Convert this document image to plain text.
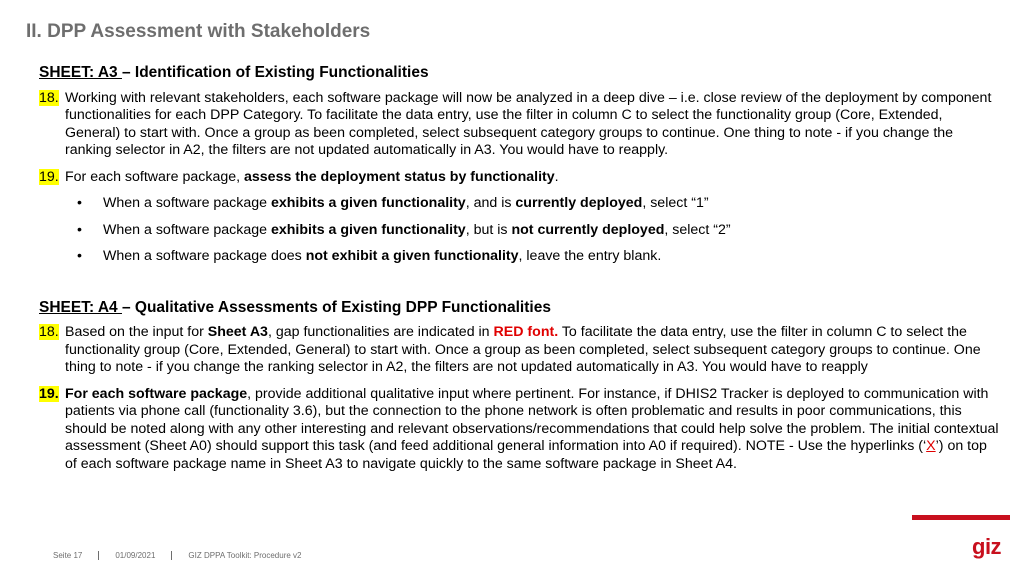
II. DPP Assessment with Stakeholders
SHEET: A3 – Identification of Existing Functionalities
18. Working with relevant stakeholders, each software package will now be analyzed in a deep dive – i.e. close review of the deployment by component functionalities for each DPP Category. To facilitate the data entry, use the filter in column C to select the functionality group (Core, Extended, General) to start with. Once a group as been completed, select subsequent category groups to continue. One thing to note - if you change the ranking selector in A2, the filters are not updated automatically in A3. You would have to reapply.
19. For each software package, assess the deployment status by functionality.
• When a software package exhibits a given functionality, and is currently deployed, select “1”
• When a software package exhibits a given functionality, but is not currently deployed, select “2”
• When a software package does not exhibit a given functionality, leave the entry blank.
SHEET: A4 – Qualitative Assessments of Existing DPP Functionalities
18. Based on the input for Sheet A3, gap functionalities are indicated in RED font. To facilitate the data entry, use the filter in column C to select the functionality group (Core, Extended, General) to start with. Once a group as been completed, select subsequent category groups to continue. One thing to note - if you change the ranking selector in A2, the filters are not updated automatically in A3. You would have to reapply
19. For each software package, provide additional qualitative input where pertinent. For instance, if DHIS2 Tracker is deployed to communication with patients via phone call (functionality 3.6), but the connection to the phone network is often problematic and results in poor communications, this should be noted along with any other interesting and relevant observations/recommendations that could help solve the problem. The initial contextual assessment (Sheet A0) should support this task (and feed additional general information into A0 if required). NOTE - Use the hyperlinks (‘X’) on top of each software package name in Sheet A3 to navigate quickly to the same software package in Sheet A4.
giz
Seite 17	01/09/2021	GIZ DPPA Toolkit: Procedure v2
